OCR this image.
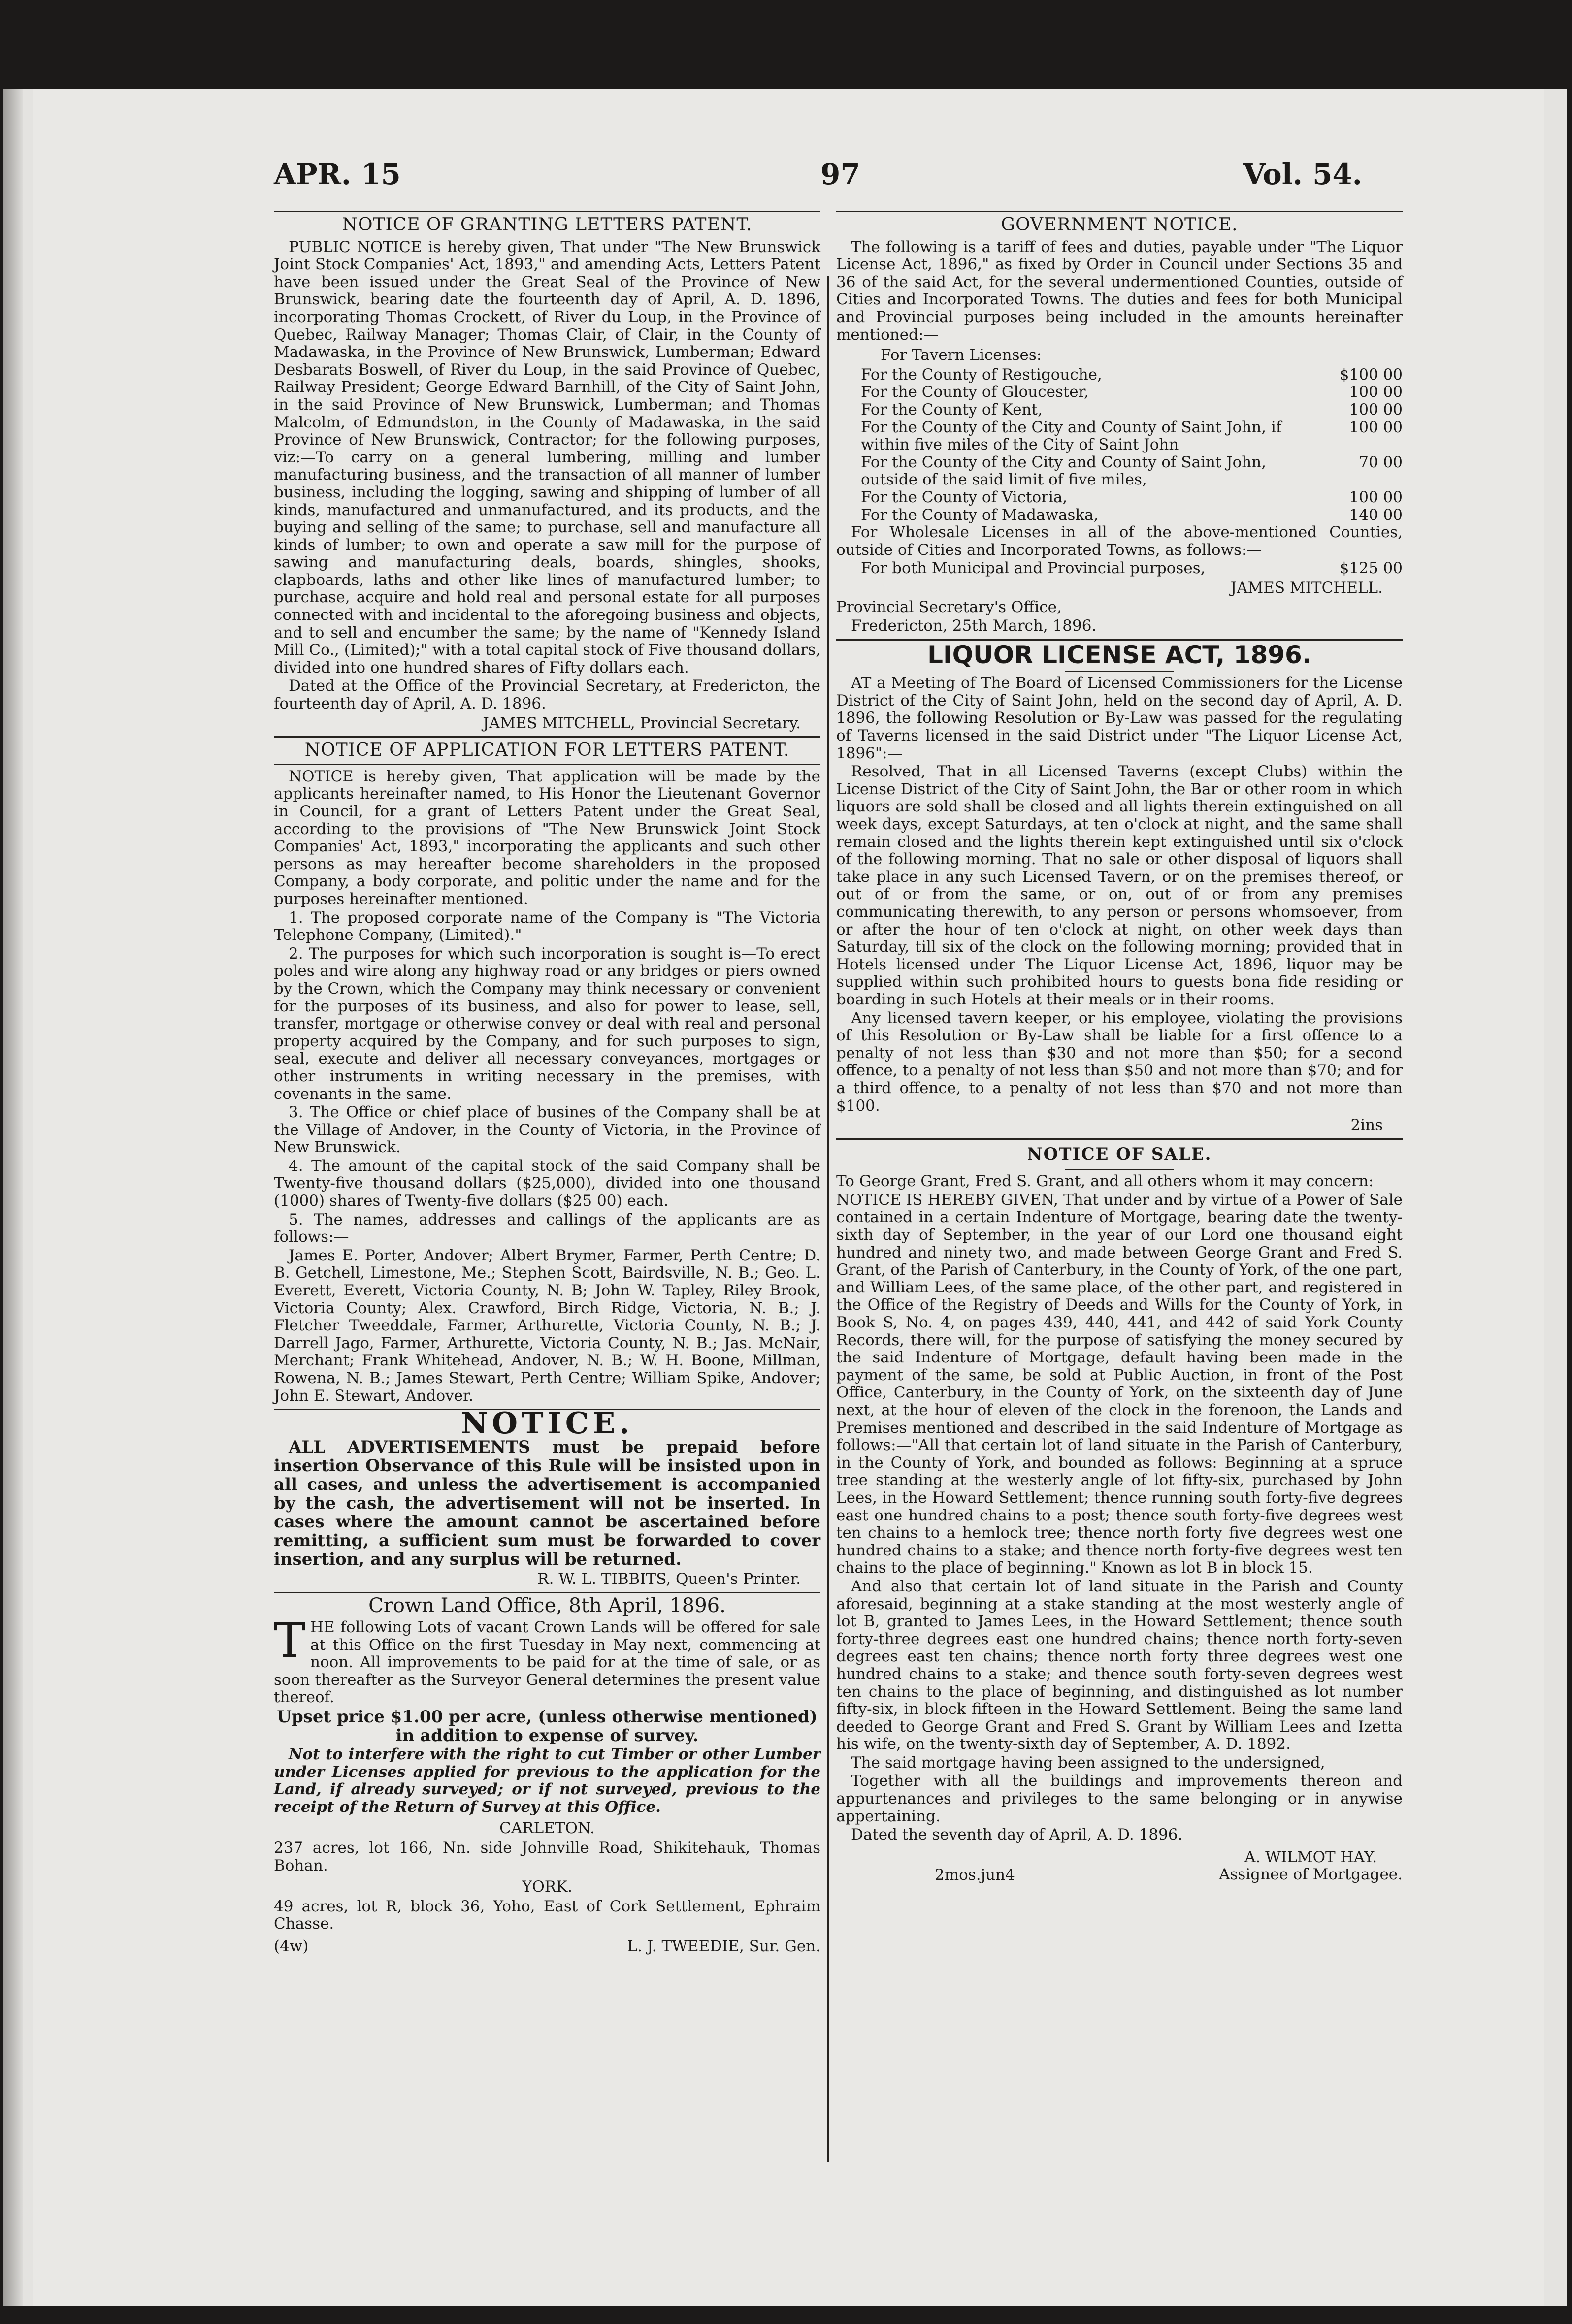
APR. 15	97	Vol. 54.
NOTICE OF GRANTING LETTERS PATENT.

PUBLIC NOTICE is hereby given, That under "The New Brunswick Joint Stock Companies' Act, 1893," and amending Acts, Letters Patent have been issued under the Great Seal of the Province of New Brunswick, bearing date the fourteenth day of April, A. D. 1896, incorporating Thomas Crockett, of River du Loup, in the Province of Quebec, Railway Manager; Thomas Clair, of Clair, in the County of Madawaska, in the Province of New Brunswick, Lumberman; Edward Desbarats Boswell, of River du Loup, in the said Province of Quebec, Railway President; George Edward Barnhill, of the City of Saint John, in the said Province of New Brunswick, Lumberman; and Thomas Malcolm, of Edmundston, in the County of Madawaska, in the said Province of New Brunswick, Contractor; for the following purposes, viz:—To carry on a general lumbering, milling and lumber manufacturing business, and the transaction of all manner of lumber business, including the logging, sawing and shipping of lumber of all kinds, manufactured and unmanufactured, and its products, and the buying and selling of the same; to purchase, sell and manufacture all kinds of lumber; to own and operate a saw mill for the purpose of sawing and manufacturing deals, boards, shingles, shooks, clapboards, laths and other like lines of manufactured lumber; to purchase, acquire and hold real and personal estate for all purposes connected with and incidental to the aforegoing business and objects, and to sell and encumber the same; by the name of "Kennedy Island Mill Co., (Limited);" with a total capital stock of Five thousand dollars, divided into one hundred shares of Fifty dollars each.

Dated at the Office of the Provincial Secretary, at Fredericton, the fourteenth day of April, A. D. 1896.

JAMES MITCHELL, Provincial Secretary.
NOTICE OF APPLICATION FOR LETTERS PATENT.

NOTICE is hereby given, That application will be made by the applicants hereinafter named, to His Honor the Lieutenant Governor in Council, for a grant of Letters Patent under the Great Seal, according to the provisions of "The New Brunswick Joint Stock Companies' Act, 1893," incorporating the applicants and such other persons as may hereafter become shareholders in the proposed Company, a body corporate, and politic under the name and for the purposes hereinafter mentioned.

1. The proposed corporate name of the Company is "The Victoria Telephone Company, (Limited)."

2. The purposes for which such incorporation is sought is—To erect poles and wire along any highway road or any bridges or piers owned by the Crown, which the Company may think necessary or convenient for the purposes of its business, and also for power to lease, sell, transfer, mortgage or otherwise convey or deal with real and personal property acquired by the Company, and for such purposes to sign, seal, execute and deliver all necessary conveyances, mortgages or other instruments in writing necessary in the premises, with covenants in the same.

3. The Office or chief place of busines of the Company shall be at the Village of Andover, in the County of Victoria, in the Province of New Brunswick.

4. The amount of the capital stock of the said Company shall be Twenty-five thousand dollars ($25,000), divided into one thousand (1000) shares of Twenty-five dollars ($25 00) each.

5. The names, addresses and callings of the applicants are as follows:—

James E. Porter, Andover; Albert Brymer, Farmer, Perth Centre; D. B. Getchell, Limestone, Me.; Stephen Scott, Bairdsville, N. B.; Geo. L. Everett, Everett, Victoria County, N. B; John W. Tapley, Riley Brook, Victoria County; Alex. Crawford, Birch Ridge, Victoria, N. B.; J. Fletcher Tweeddale, Farmer, Arthurette, Victoria County, N. B.; J. Darrell Jago, Farmer, Arthurette, Victoria County, N. B.; Jas. McNair, Merchant; Frank Whitehead, Andover, N. B.; W. H. Boone, Millman, Rowena, N. B.; James Stewart, Perth Centre; William Spike, Andover; John E. Stewart, Andover.

NOTICE.

ALL ADVERTISEMENTS must be prepaid before insertion Observance of this Rule will be insisted upon in all cases, and unless the advertisement is accompanied by the cash, the advertisement will not be inserted. In cases where the amount cannot be ascertained before remitting, a sufficient sum must be forwarded to cover insertion, and any surplus will be returned.

R. W. L. TIBBITS, Queen's Printer.
Crown Land Office, 8th April, 1896.

THE following Lots of vacant Crown Lands will be offered for sale at this Office on the first Tuesday in May next, commencing at noon. All improvements to be paid for at the time of sale, or as soon thereafter as the Surveyor General determines the present value thereof.

Upset price $1.00 per acre, (unless otherwise mentioned) in addition to expense of survey.

Not to interfere with the right to cut Timber or other Lumber under Licenses applied for previous to the application for the Land, if already surveyed; or if not surveyed, previous to the receipt of the Return of Survey at this Office.

CARLETON.

237 acres, lot 166, Nn. side Johnville Road, Shikitehauk, Thomas Bohan.

YORK.

49 acres, lot R, block 36, Yoho, East of Cork Settlement, Ephraim Chasse.

(4w)	L. J. TWEEDIE, Sur. Gen.
GOVERNMENT NOTICE.

The following is a tariff of fees and duties, payable under "The Liquor License Act, 1896," as fixed by Order in Council under Sections 35 and 36 of the said Act, for the several undermentioned Counties, outside of Cities and Incorporated Towns. The duties and fees for both Municipal and Provincial purposes being included in the amounts hereinafter mentioned:—

For Tavern Licenses:
For the County of Restigouche,	$100 00
For the County of Gloucester,	100 00
For the County of Kent,	100 00
For the County of the City and County of Saint John, if within five miles of the City of Saint John
100 00
For the County of the City and County of Saint John, outside of the said limit of five miles,
70 00
For the County of Victoria,	100 00
For the County of Madawaska,	140 00

For Wholesale Licenses in all of the above-mentioned Counties, outside of Cities and Incorporated Towns, as follows:—

For both Municipal and Provincial purposes,	$125 00
JAMES MITCHELL.

Provincial Secretary's Office,

Fredericton, 25th March, 1896.

LIQUOR LICENSE ACT, 1896.

AT a Meeting of The Board of Licensed Commissioners for the License District of the City of Saint John, held on the second day of April, A. D. 1896, the following Resolution or By-Law was passed for the regulating of Taverns licensed in the said District under "The Liquor License Act, 1896":—

Resolved, That in all Licensed Taverns (except Clubs) within the License District of the City of Saint John, the Bar or other room in which liquors are sold shall be closed and all lights therein extinguished on all week days, except Saturdays, at ten o'clock at night, and the same shall remain closed and the lights therein kept extinguished until six o'clock of the following morning. That no sale or other disposal of liquors shall take place in any such Licensed Tavern, or on the premises thereof, or out of or from the same, or on, out of or from any premises communicating therewith, to any person or persons whomsoever, from or after the hour of ten o'clock at night, on other week days than Saturday, till six of the clock on the following morning; provided that in Hotels licensed under The Liquor License Act, 1896, liquor may be supplied within such prohibited hours to guests bona fide residing or boarding in such Hotels at their meals or in their rooms.

Any licensed tavern keeper, or his employee, violating the provisions of this Resolution or By-Law shall be liable for a first offence to a penalty of not less than $30 and not more than $50; for a second offence, to a penalty of not less than $50 and not more than $70; and for a third offence, to a penalty of not less than $70 and not more than $100.

2ins
NOTICE OF SALE.

To George Grant, Fred S. Grant, and all others whom it may concern:

NOTICE IS HEREBY GIVEN, That under and by virtue of a Power of Sale contained in a certain Indenture of Mortgage, bearing date the twenty-sixth day of September, in the year of our Lord one thousand eight hundred and ninety two, and made between George Grant and Fred S. Grant, of the Parish of Canterbury, in the County of York, of the one part, and William Lees, of the same place, of the other part, and registered in the Office of the Registry of Deeds and Wills for the County of York, in Book S, No. 4, on pages 439, 440, 441, and 442 of said York County Records, there will, for the purpose of satisfying the money secured by the said Indenture of Mortgage, default having been made in the payment of the same, be sold at Public Auction, in front of the Post Office, Canterbury, in the County of York, on the sixteenth day of June next, at the hour of eleven of the clock in the forenoon, the Lands and Premises mentioned and described in the said Indenture of Mortgage as follows:—"All that certain lot of land situate in the Parish of Canterbury, in the County of York, and bounded as follows: Beginning at a spruce tree standing at the westerly angle of lot fifty-six, purchased by John Lees, in the Howard Settlement; thence running south forty-five degrees east one hundred chains to a post; thence south forty-five degrees west ten chains to a hemlock tree; thence north forty five degrees west one hundred chains to a stake; and thence north forty-five degrees west ten chains to the place of beginning." Known as lot B in block 15.

And also that certain lot of land situate in the Parish and County aforesaid, beginning at a stake standing at the most westerly angle of lot B, granted to James Lees, in the Howard Settlement; thence south forty-three degrees east one hundred chains; thence north forty-seven degrees east ten chains; thence north forty three degrees west one hundred chains to a stake; and thence south forty-seven degrees west ten chains to the place of beginning, and distinguished as lot number fifty-six, in block fifteen in the Howard Settlement. Being the same land deeded to George Grant and Fred S. Grant by William Lees and Izetta his wife, on the twenty-sixth day of September, A. D. 1892.

The said mortgage having been assigned to the undersigned,

Together with all the buildings and improvements thereon and appurtenances and privileges to the same belonging or in anywise appertaining.

Dated the seventh day of April, A. D. 1896.

2mos.jun4
A. WILMOT HAY.
Assignee of Mortgagee.
